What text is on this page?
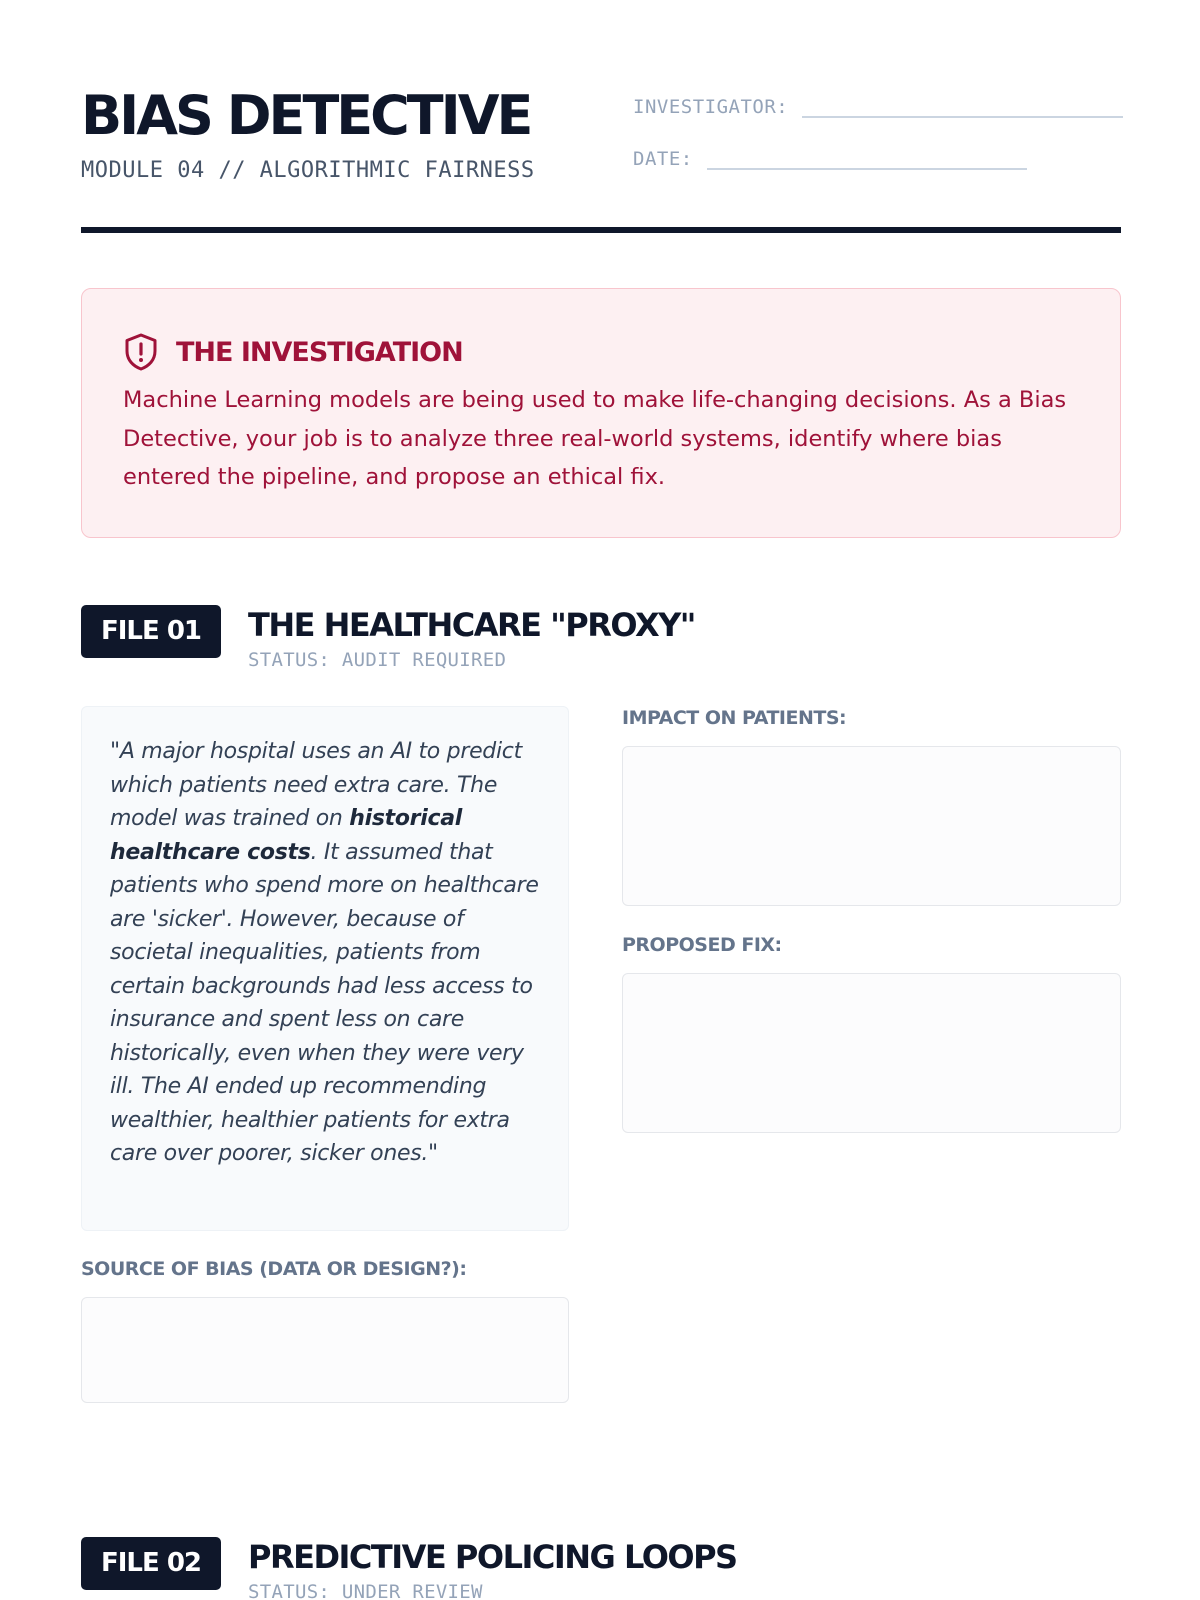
BIAS DETECTIVE
MODULE 04 // ALGORITHMIC FAIRNESS
INVESTIGATOR:
DATE:
THE INVESTIGATION
Machine Learning models are being used to make life-changing decisions. As a Bias Detective, your job is to analyze three real-world systems, identify where bias entered the pipeline, and propose an ethical fix.
FILE 01	THE HEALTHCARE "PROXY"
STATUS: AUDIT REQUIRED
"A major hospital uses an AI to predict which patients need extra care. The model was trained on historical healthcare costs. It assumed that patients who spend more on healthcare are 'sicker'. However, because of societal inequalities, patients from certain backgrounds had less access to insurance and spent less on care historically, even when they were very ill. The AI ended up recommending wealthier, healthier patients for extra care over poorer, sicker ones."
IMPACT ON PATIENTS:
PROPOSED FIX:
SOURCE OF BIAS (DATA OR DESIGN?):
FILE 02	PREDICTIVE POLICING LOOPS
STATUS: UNDER REVIEW
